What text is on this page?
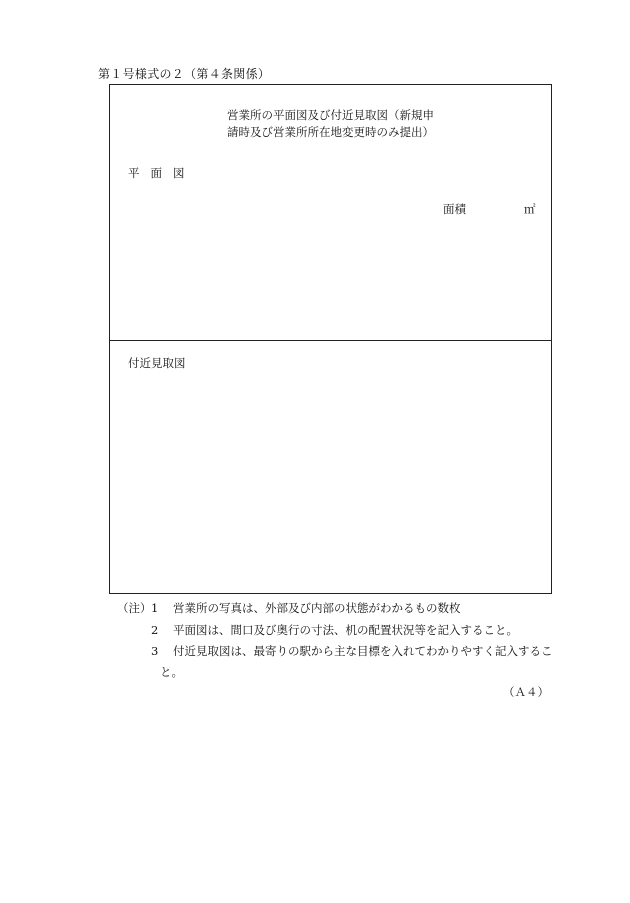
第１号様式の２（第４条関係）
営業所の平面図及び付近見取図（新規申
請時及び営業所所在地変更時のみ提出）
平面図
面積	㎡
付近見取図
（注） 1 営業所の写真は、外部及び内部の状態がわかるもの数枚
2 平面図は、間口及び奥行の寸法、机の配置状況等を記入すること。
3 付近見取図は、最寄りの駅から主な目標を入れてわかりやすく記入するこ
と。
（Ａ４）
